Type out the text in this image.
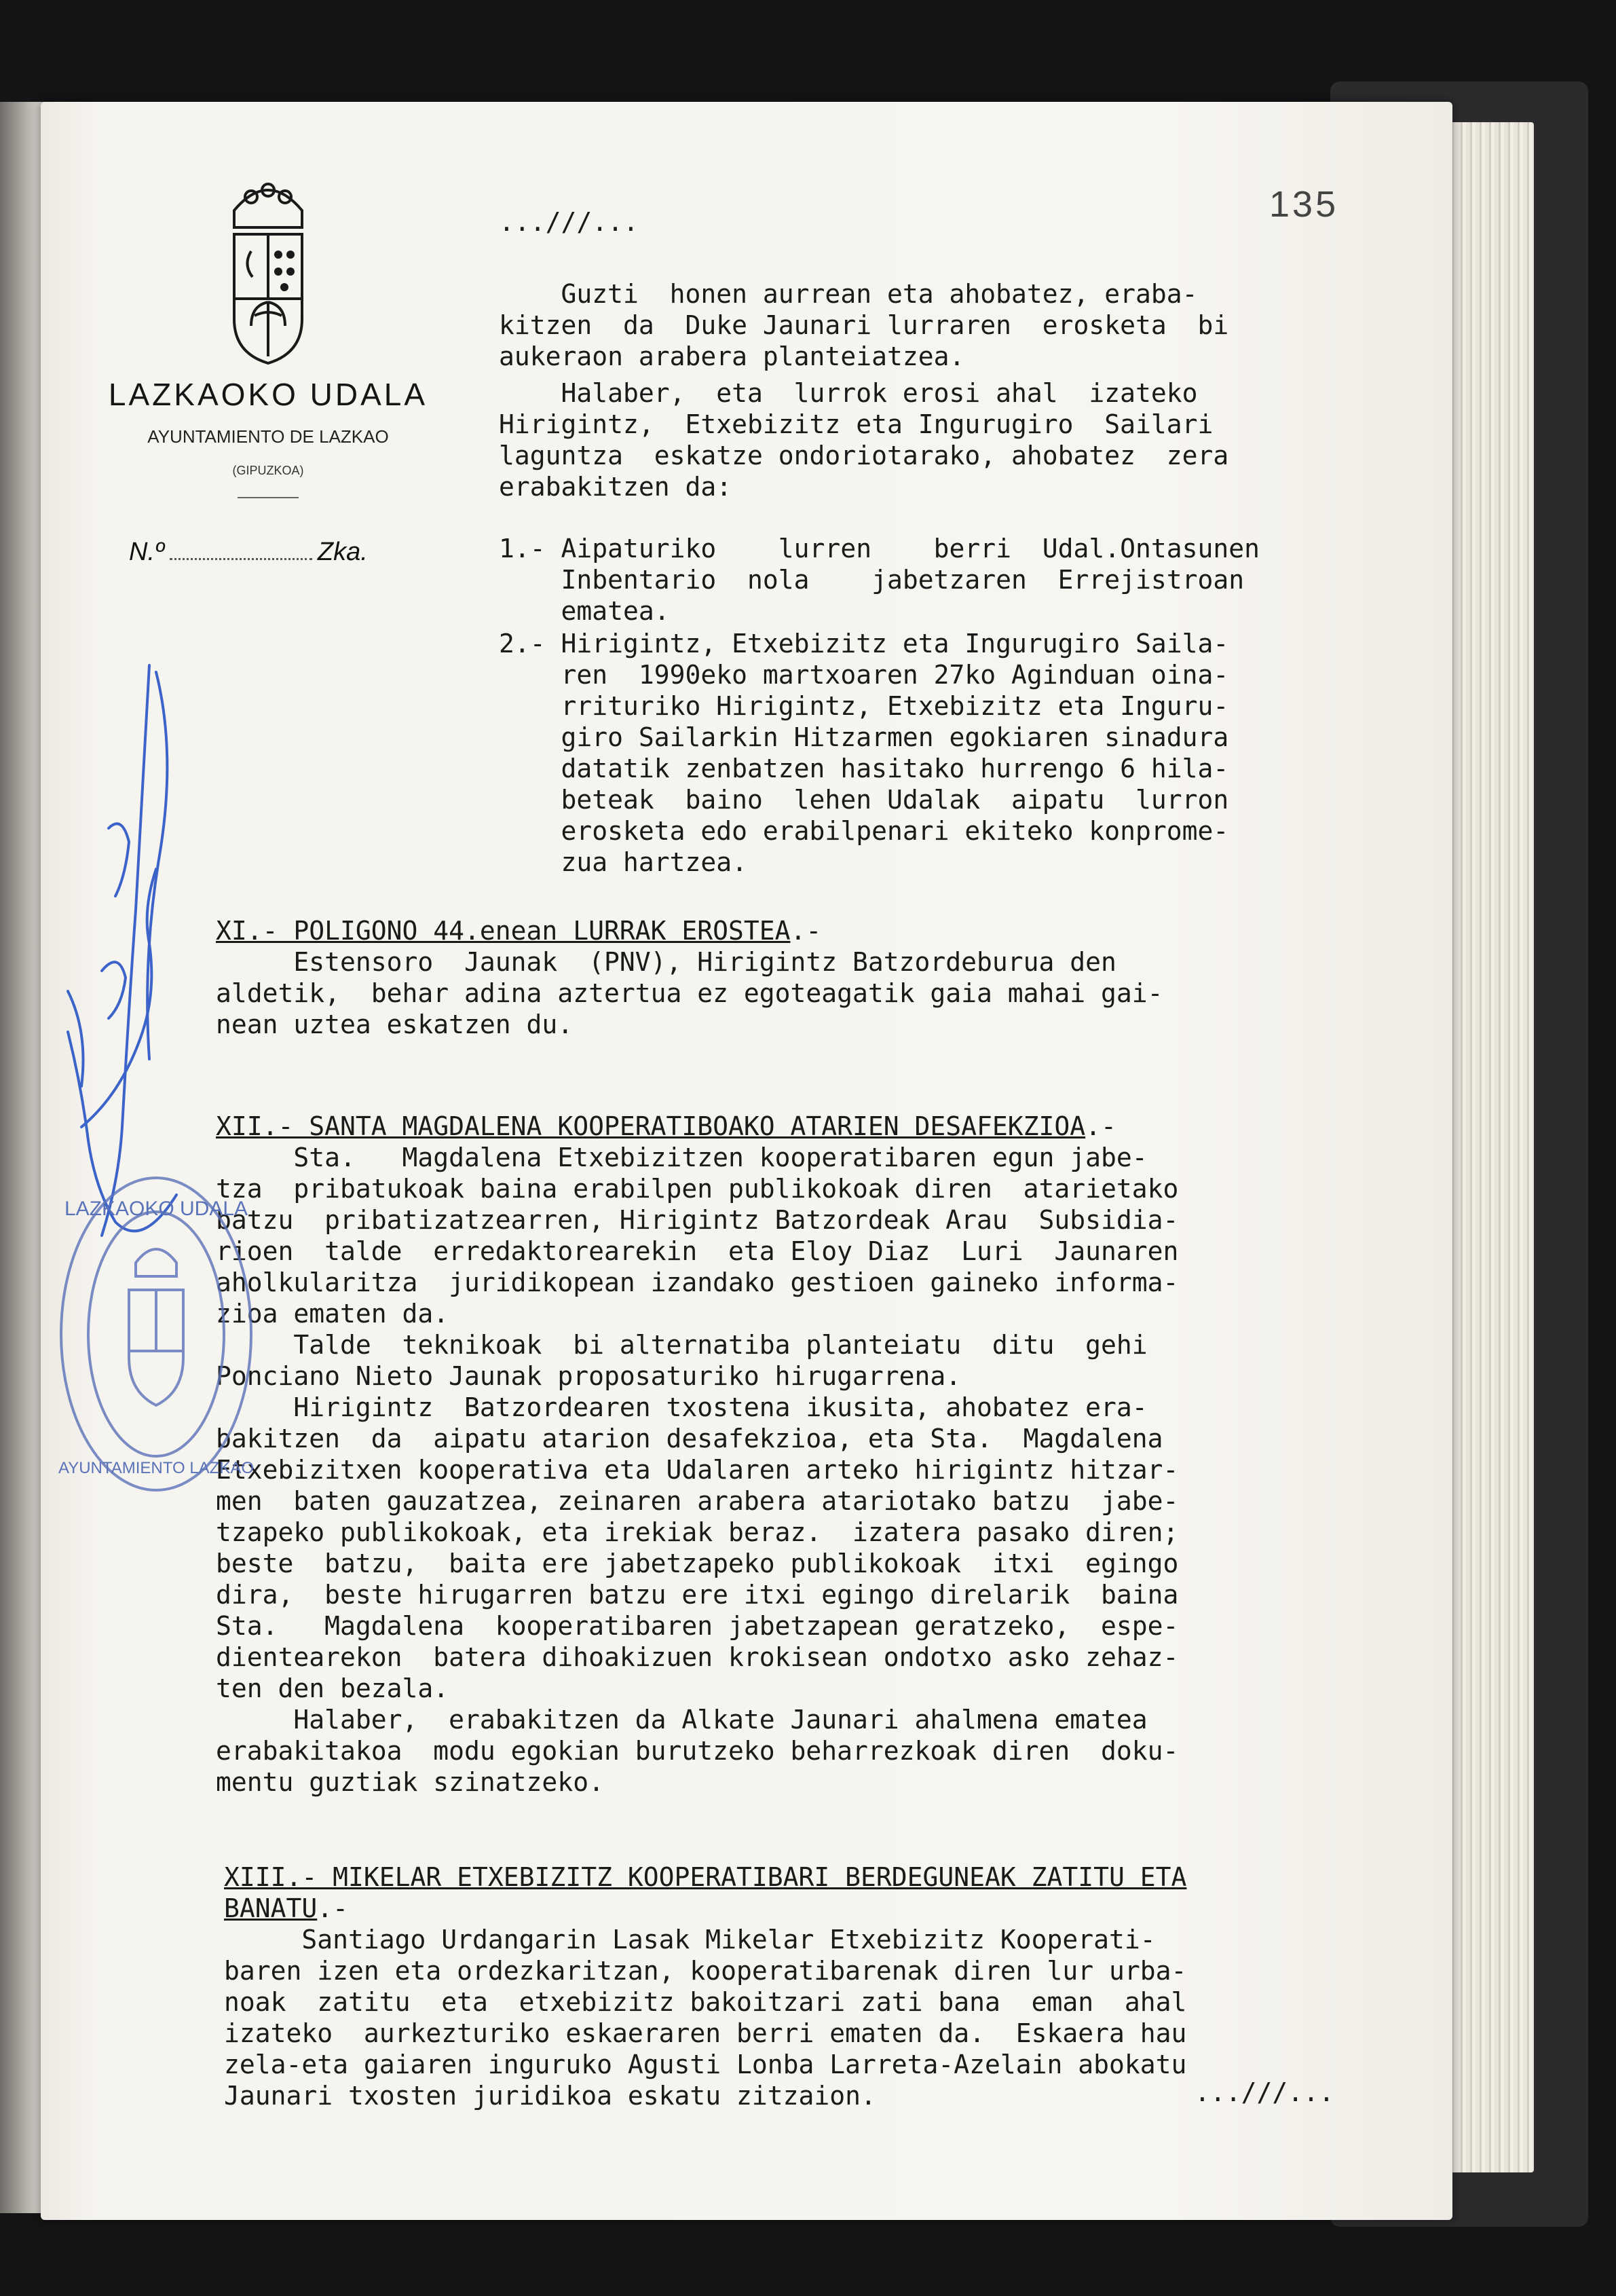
LAZKAOKO UDALA
AYUNTAMIENTO DE LAZKAO
(GIPUZKOA)
N.º	Zka.
135
...///...

Guzti  honen aurrean eta ahobatez, eraba-

kitzen  da  Duke Jaunari lurraren  erosketa  bi

aukeraon arabera planteiatzea.

Halaber,  eta  lurrok erosi ahal  izateko

Hirigintz,  Etxebizitz eta Ingurugiro  Sailari

laguntza  eskatze ondoriotarako, ahobatez  zera

erabakitzen da:

1.- Aipaturiko    lurren    berri  Udal.Ontasunen

Inbentario  nola    jabetzaren  Errejistroan

ematea.

2.- Hirigintz, Etxebizitz eta Ingurugiro Saila-

ren  1990eko martxoaren 27ko Aginduan oina-

rrituriko Hirigintz, Etxebizitz eta Inguru-

giro Sailarkin Hitzarmen egokiaren sinadura

datatik zenbatzen hasitako hurrengo 6 hila-

beteak  baino  lehen Udalak  aipatu  lurron

erosketa edo erabilpenari ekiteko konprome-

zua hartzea.

XI.- POLIGONO 44.enean LURRAK EROSTEA.-

Estensoro  Jaunak  (PNV), Hirigintz Batzordeburua den

aldetik,  behar adina aztertua ez egoteagatik gaia mahai gai-

nean uztea eskatzen du.

XII.- SANTA MAGDALENA KOOPERATIBOAKO ATARIEN DESAFEKZIOA.-

Sta.   Magdalena Etxebizitzen kooperatibaren egun jabe-

tza  pribatukoak baina erabilpen publikokoak diren  atarietako

batzu  pribatizatzearren, Hirigintz Batzordeak Arau  Subsidia-

rioen  talde  erredaktorearekin  eta Eloy Diaz  Luri  Jaunaren

aholkularitza  juridikopean izandako gestioen gaineko informa-

zioa ematen da.

Talde  teknikoak  bi alternatiba planteiatu  ditu  gehi

Ponciano Nieto Jaunak proposaturiko hirugarrena.

Hirigintz  Batzordearen txostena ikusita, ahobatez era-

bakitzen  da  aipatu atarion desafekzioa, eta Sta.  Magdalena

Etxebizitxen kooperativa eta Udalaren arteko hirigintz hitzar-

men  baten gauzatzea, zeinaren arabera atariotako batzu  jabe-

tzapeko publikokoak, eta irekiak beraz.  izatera pasako diren;

beste  batzu,  baita ere jabetzapeko publikokoak  itxi  egingo

dira,  beste hirugarren batzu ere itxi egingo direlarik  baina

Sta.   Magdalena  kooperatibaren jabetzapean geratzeko,  espe-

dientearekon  batera dihoakizuen krokisean ondotxo asko zehaz-

ten den bezala.

Halaber,  erabakitzen da Alkate Jaunari ahalmena ematea

erabakitakoa  modu egokian burutzeko beharrezkoak diren  doku-

mentu guztiak szinatzeko.

XIII.- MIKELAR ETXEBIZITZ KOOPERATIBARI BERDEGUNEAK ZATITU ETA

BANATU.-

Santiago Urdangarin Lasak Mikelar Etxebizitz Kooperati-

baren izen eta ordezkaritzan, kooperatibarenak diren lur urba-

noak  zatitu  eta  etxebizitz bakoitzari zati bana  eman  ahal

izateko  aurkezturiko eskaeraren berri ematen da.  Eskaera hau

zela-eta gaiaren inguruko Agusti Lonba Larreta-Azelain abokatu

Jaunari txosten juridikoa eskatu zitzaion.	...///...
LAZKAOKO UDALA
AYUNTAMIENTO LAZKAO
